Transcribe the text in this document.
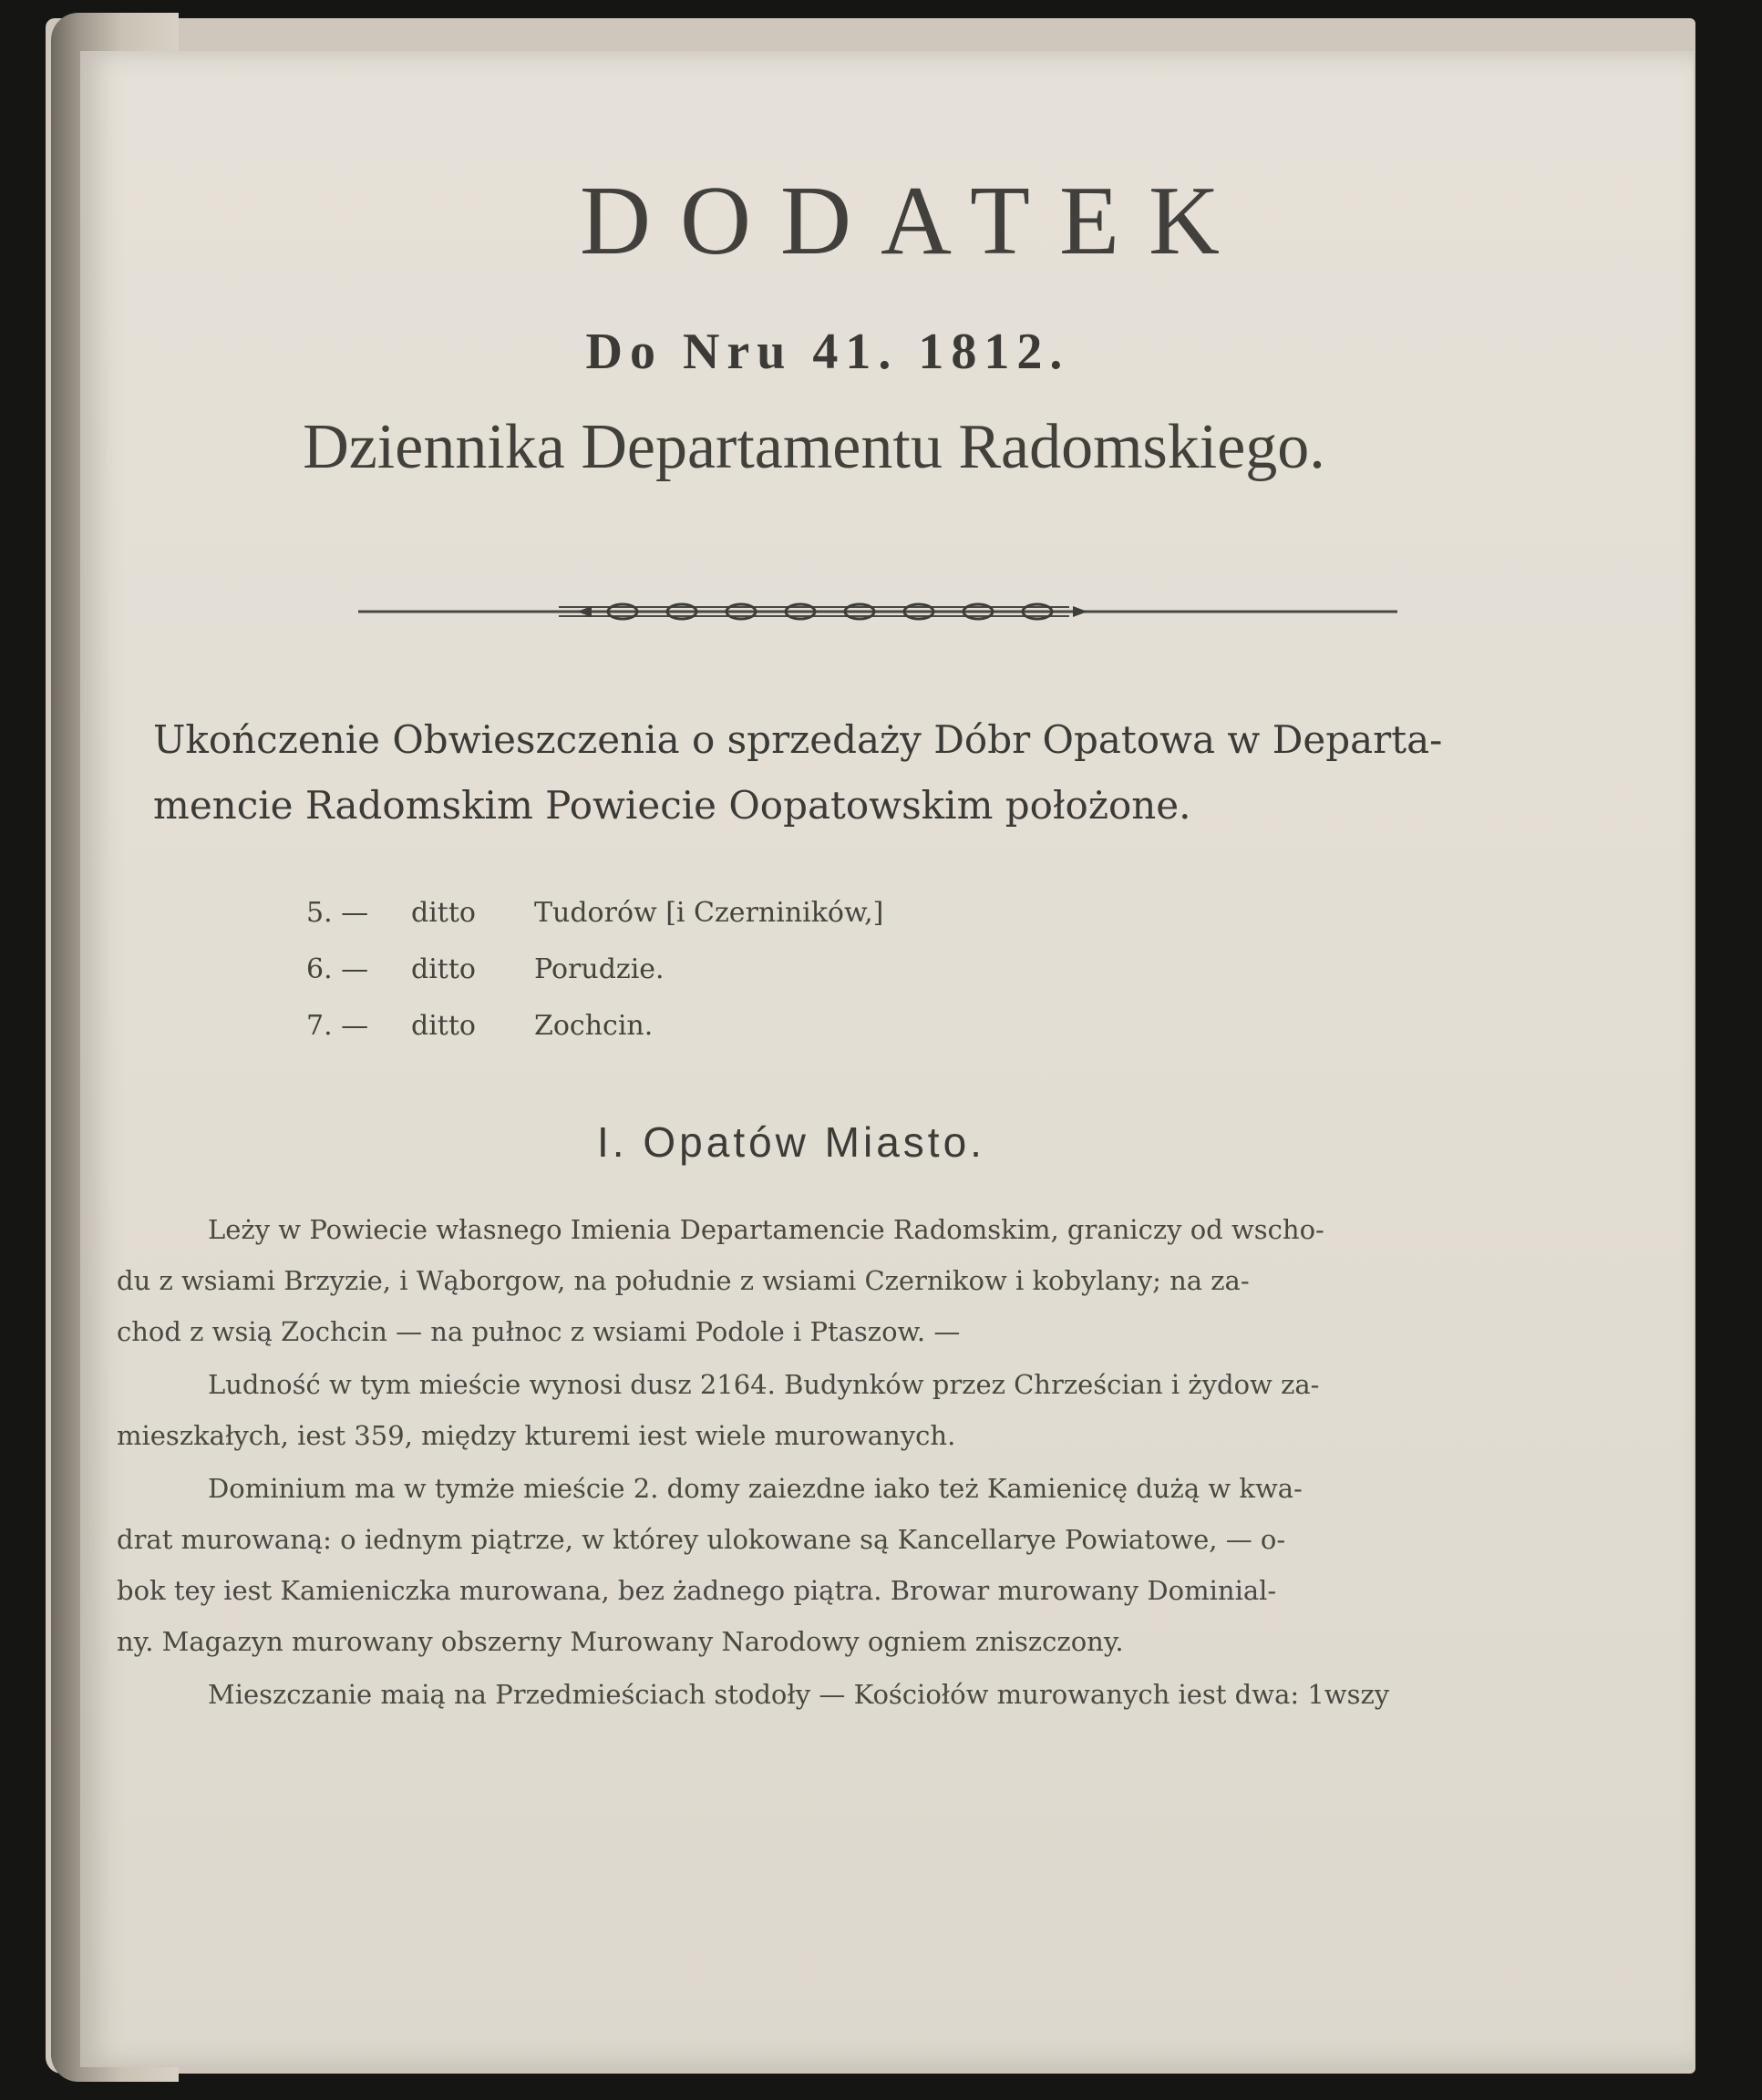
DODATEK
Do Nru 41. 1812.
Dziennika Departamentu Radomskiego.

Ukończenie Obwieszczenia o sprzedaży Dóbr Opatowa w Departa-
mencie Radomskim Powiecie Oopatowskim położone.

5. —	ditto	Tudorów [i Czerniników,]
6. —	ditto	Porudzie.
7. —	ditto	Zochcin.
I. Opatów Miasto.

Leży w Powiecie własnego Imienia Departamencie Radomskim, graniczy od wscho-
du z wsiami Brzyzie, i Wąborgow, na południe z wsiami Czernikow i kobylany; na za-
chod z wsią Zochcin — na pułnoc z wsiami Podole i Ptaszow. —

Ludność w tym mieście wynosi dusz 2164. Budynków przez Chrześcian i żydow za-
mieszkałych, iest 359, między kturemi iest wiele murowanych.

Dominium ma w tymże mieście 2. domy zaiezdne iako też Kamienicę dużą w kwa-
drat murowaną: o iednym piątrze, w którey ulokowane są Kancellarye Powiatowe, — o-
bok tey iest Kamieniczka murowana, bez żadnego piątra. Browar murowany Dominial-
ny. Magazyn murowany obszerny Murowany Narodowy ogniem zniszczony.

Mieszczanie maią na Przedmieściach stodoły — Kościołów murowanych iest dwa: 1wszy
